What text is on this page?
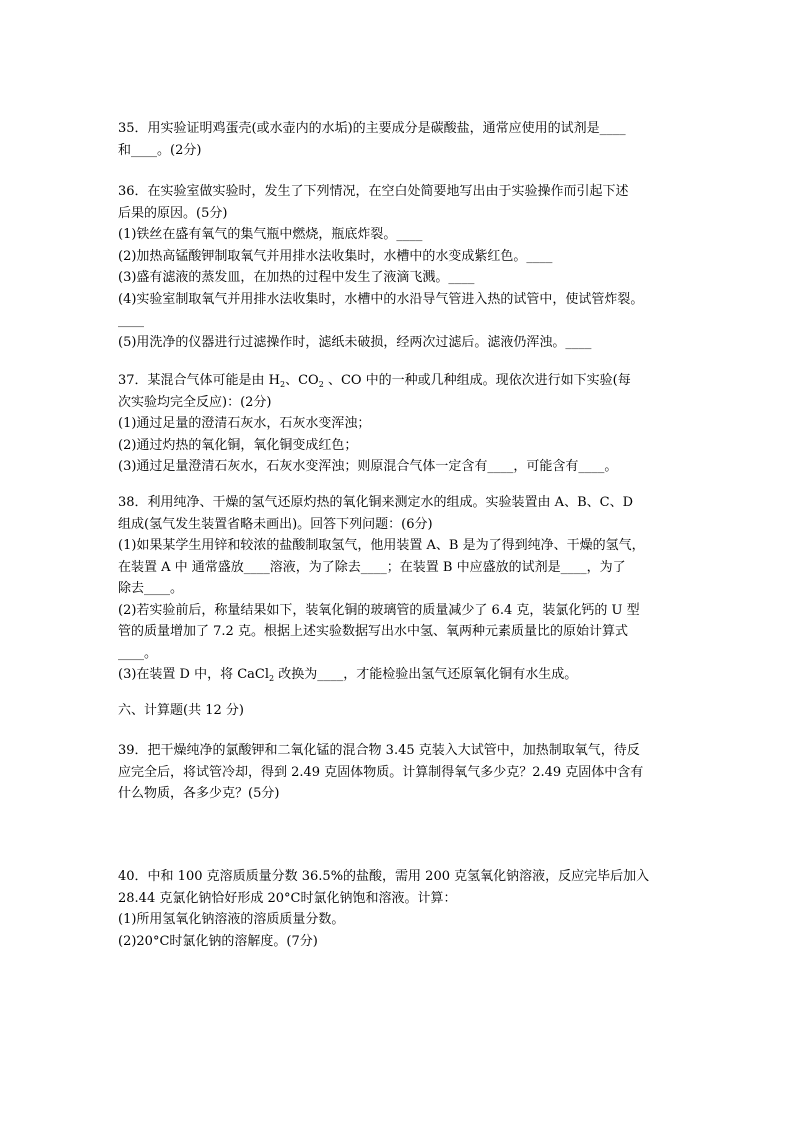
35．用实验证明鸡蛋壳(或水壶内的水垢)的主要成分是碳酸盐，通常应使用的试剂是____
和____。(2分)
36．在实验室做实验时，发生了下列情况，在空白处简要地写出由于实验操作而引起下述
后果的原因。(5分)
(1)铁丝在盛有氧气的集气瓶中燃烧，瓶底炸裂。____
(2)加热高锰酸钾制取氧气并用排水法收集时，水槽中的水变成紫红色。____
(3)盛有滤液的蒸发皿，在加热的过程中发生了液滴飞溅。____
(4)实验室制取氧气并用排水法收集时，水槽中的水沿导气管进入热的试管中，使试管炸裂。
____
(5)用洗净的仪器进行过滤操作时，滤纸未破损，经两次过滤后。滤液仍浑浊。____
37．某混合气体可能是由 $H_2$、$CO_2$ 、CO 中的一种或几种组成。现依次进行如下实验(每
次实验均完全反应)：(2分)
(1)通过足量的澄清石灰水，石灰水变浑浊；
(2)通过灼热的氧化铜，氧化铜变成红色；
(3)通过足量澄清石灰水，石灰水变浑浊；则原混合气体一定含有____，可能含有____。
38．利用纯净、干燥的氢气还原灼热的氧化铜来测定水的组成。实验装置由 A、B、C、D
组成(氢气发生装置省略未画出)。回答下列问题：(6分)
(1)如果某学生用锌和较浓的盐酸制取氢气，他用装置 A、B 是为了得到纯净、干燥的氢气，
在装置 A 中 通常盛放____溶液，为了除去____；在装置 B 中应盛放的试剂是____，为了
除去____。
(2)若实验前后，称量结果如下，装氧化铜的玻璃管的质量减少了 6.4 克，装氯化钙的 U 型
管的质量增加了 7.2 克。根据上述实验数据写出水中氢、氧两种元素质量比的原始计算式
____。
(3)在装置 D 中，将 CaCl$_2$ 改换为____，才能检验出氢气还原氧化铜有水生成。
六、计算题(共 12 分)
39．把干燥纯净的氯酸钾和二氧化锰的混合物 3.45 克装入大试管中，加热制取氧气，待反
应完全后，将试管冷却，得到 2.49 克固体物质。计算制得氧气多少克？2.49 克固体中含有
什么物质，各多少克？(5分)
40．中和 100 克溶质质量分数 36.5%的盐酸，需用 200 克氢氧化钠溶液，反应完毕后加入
28.44 克氯化钠恰好形成 20°C时氯化钠饱和溶液。计算：
(1)所用氢氧化钠溶液的溶质质量分数。
(2)20°C时氯化钠的溶解度。(7分)
